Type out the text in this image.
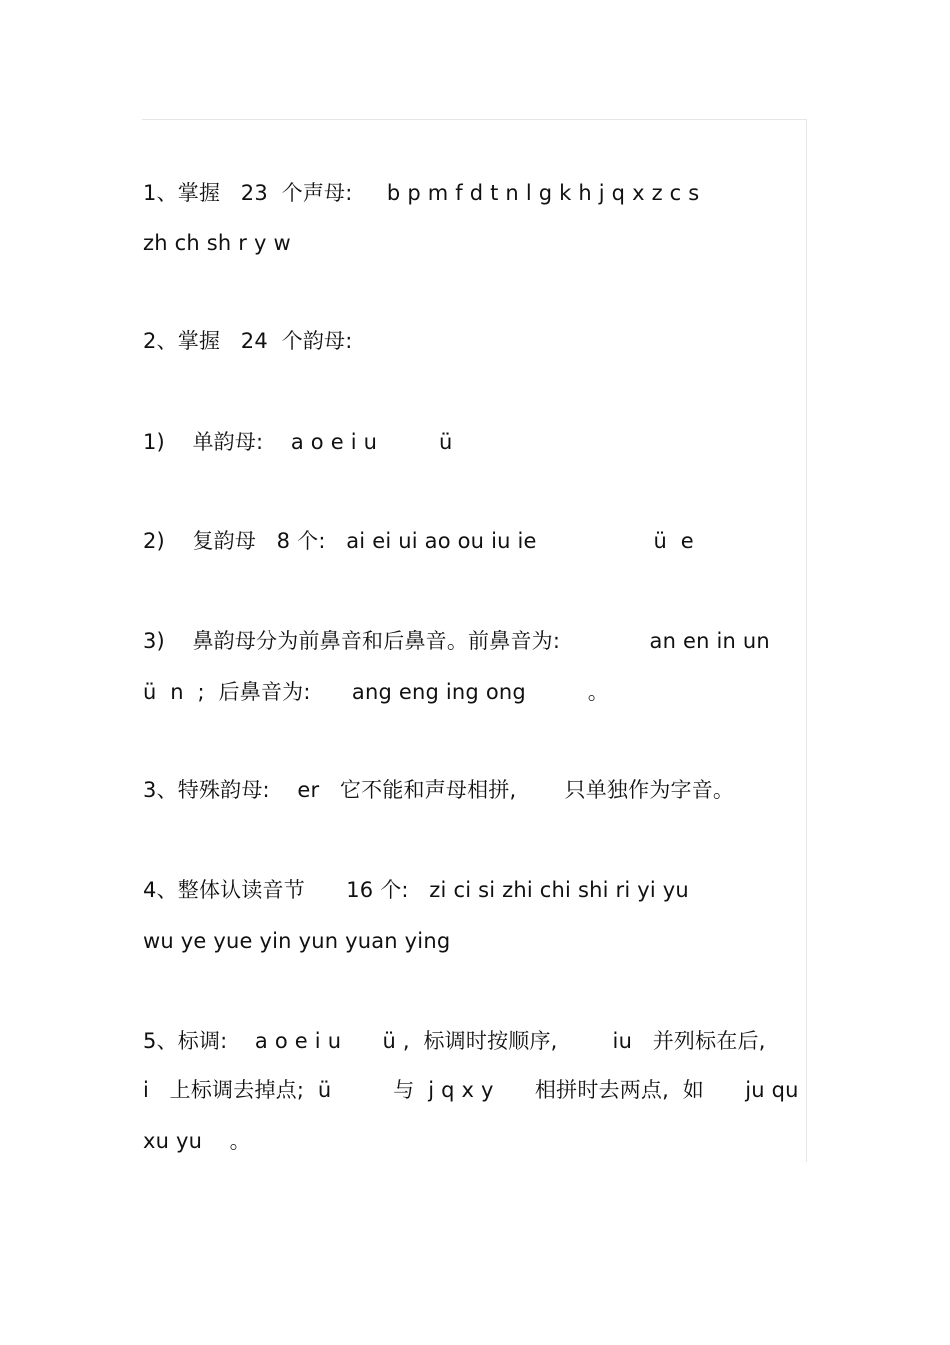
1、掌握   23  个声母:     b p m f d t n l g k h j q x z c s
zh ch sh r y w
2、掌握   24  个韵母:
1)    单韵母:    a o e i u         ü
2)    复韵母   8 个:   ai ei ui ao ou iu ie                 ü  e
3)    鼻韵母分为前鼻音和后鼻音。前鼻音为:             an en in un
ü  n  ;  后鼻音为:      ang eng ing ong         。
3、特殊韵母:    er   它不能和声母相拼,       只单独作为字音。
4、整体认读音节      16 个:   zi ci si zhi chi shi ri yi yu
wu ye yue yin yun yuan ying
5、标调:    a o e i u      ü ,  标调时按顺序,        iu   并列标在后,
i   上标调去掉点;  ü         与  j q x y      相拼时去两点,  如      ju qu
xu yu    。
